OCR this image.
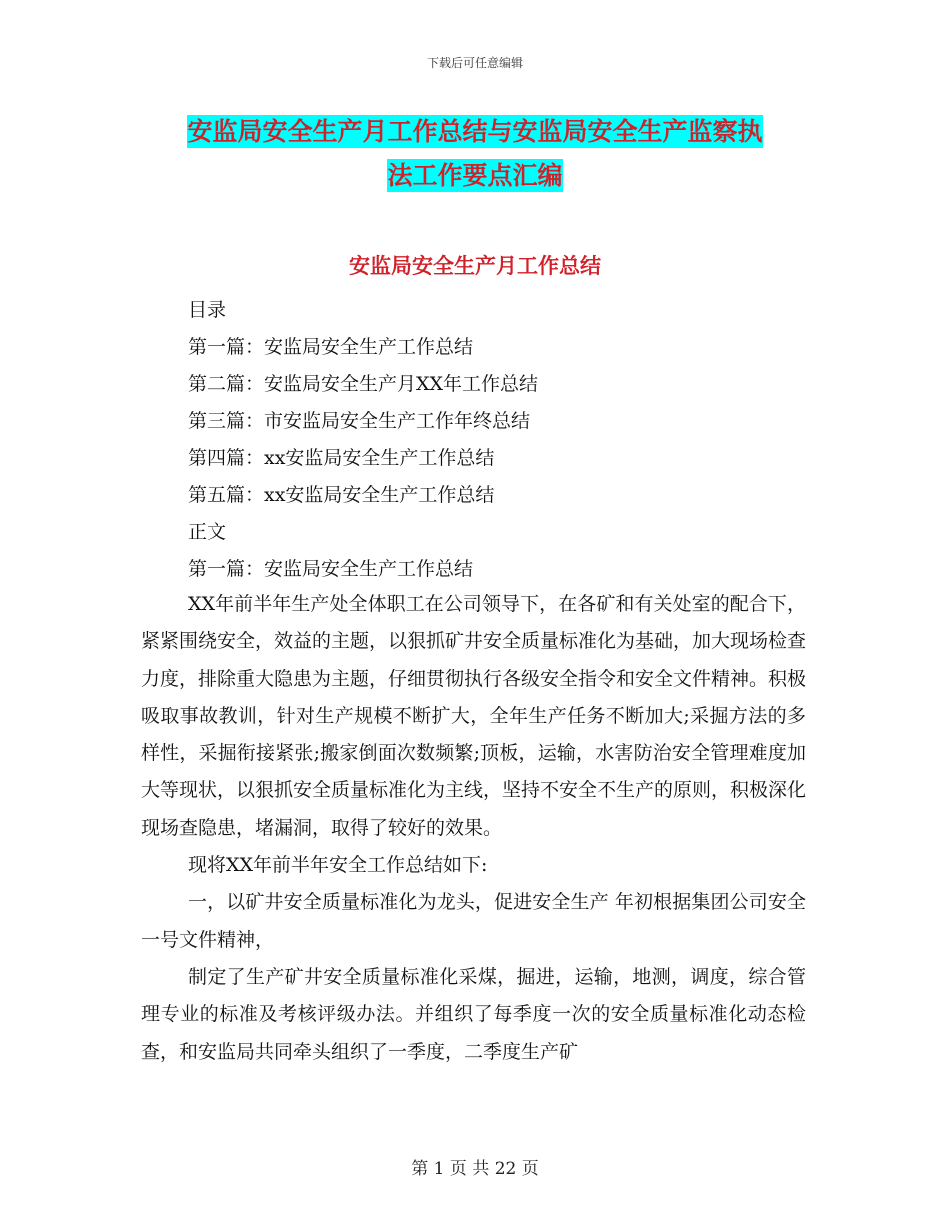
下载后可任意编辑
安监局安全生产月工作总结与安监局安全生产监察执
法工作要点汇编
安监局安全生产月工作总结
目录
第一篇：安监局安全生产工作总结
第二篇：安监局安全生产月XX年工作总结
第三篇：市安监局安全生产工作年终总结
第四篇：xx安监局安全生产工作总结
第五篇：xx安监局安全生产工作总结
正文
第一篇：安监局安全生产工作总结

XX年前半年生产处全体职工在公司领导下，在各矿和有关处室的配合下，紧紧围绕安全，效益的主题，以狠抓矿井安全质量标准化为基础，加大现场检查力度，排除重大隐患为主题，仔细贯彻执行各级安全指令和安全文件精神。积极吸取事故教训，针对生产规模不断扩大，全年生产任务不断加大;采掘方法的多样性，采掘衔接紧张;搬家倒面次数频繁;顶板，运输，水害防治安全管理难度加大等现状，以狠抓安全质量标准化为主线，坚持不安全不生产的原则，积极深化现场查隐患，堵漏洞，取得了较好的效果。

现将XX年前半年安全工作总结如下:

一，以矿井安全质量标准化为龙头，促进安全生产 年初根据集团公司安全一号文件精神，

制定了生产矿井安全质量标准化采煤，掘进，运输，地测，调度，综合管理专业的标准及考核评级办法。并组织了每季度一次的安全质量标准化动态检查，和安监局共同牵头组织了一季度，二季度生产矿

第 1 页 共 22 页
